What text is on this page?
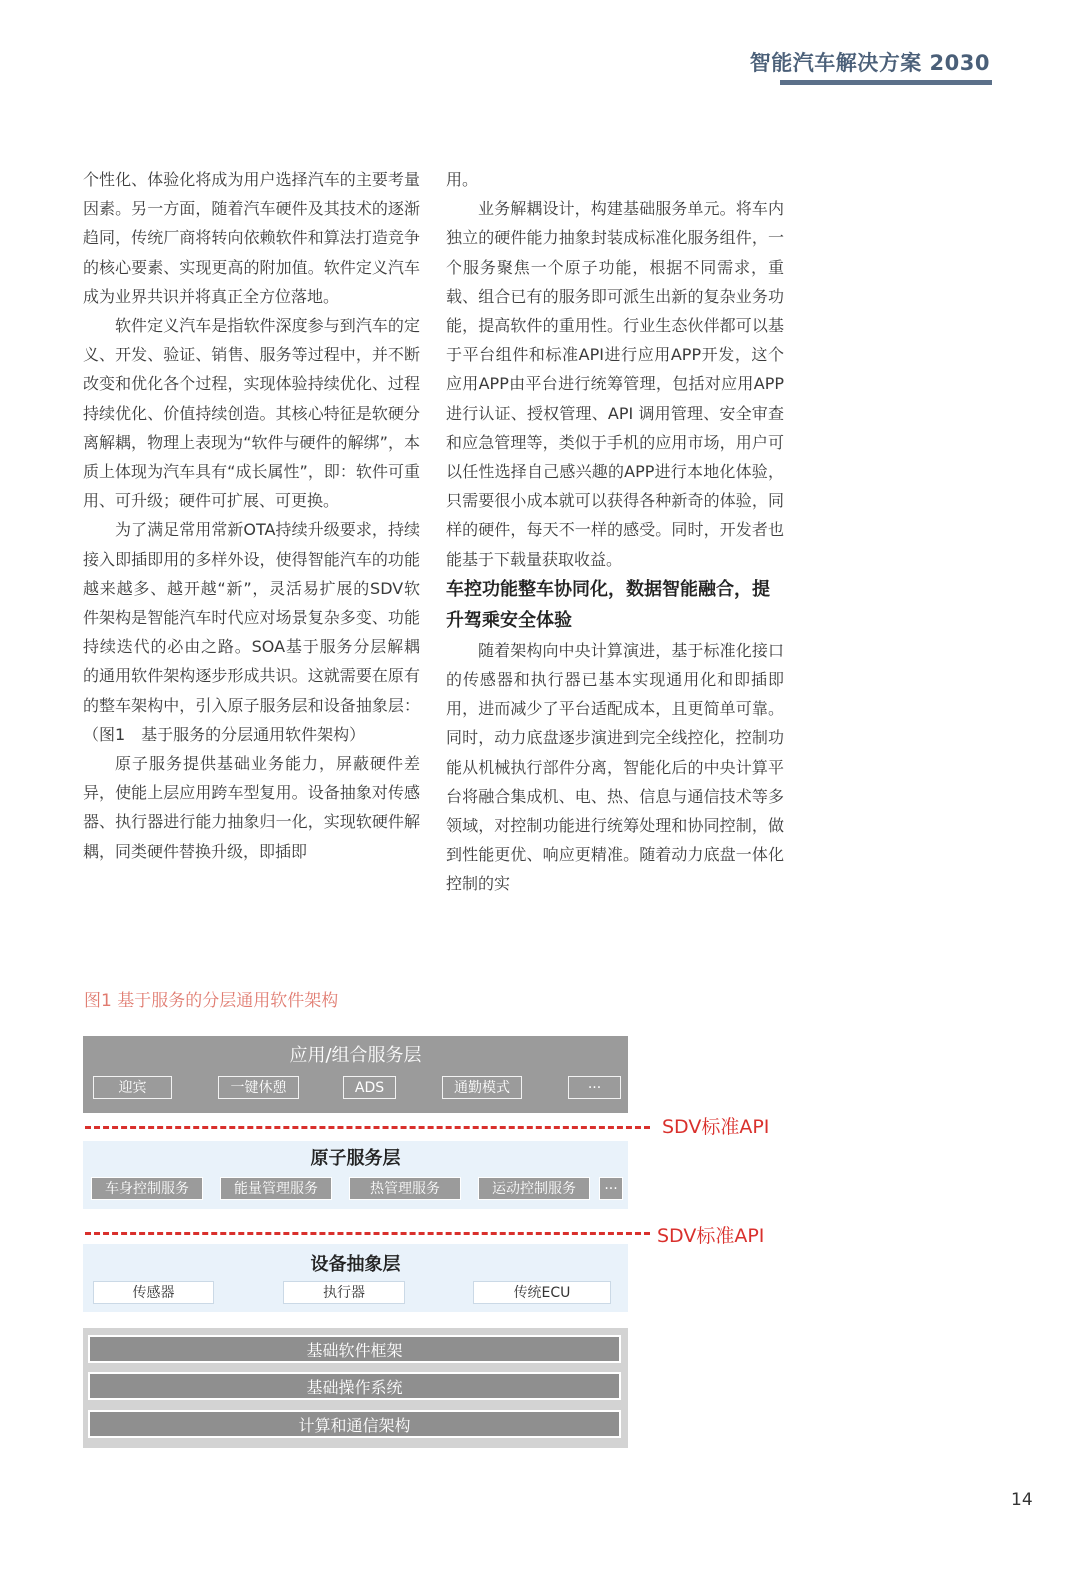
智能汽车解决方案 2030

个性化、体验化将成为用户选择汽车的主要考量因素。另一方面，随着汽车硬件及其技术的逐渐趋同，传统厂商将转向依赖软件和算法打造竞争的核心要素、实现更高的附加值。软件定义汽车成为业界共识并将真正全方位落地。

软件定义汽车是指软件深度参与到汽车的定义、开发、验证、销售、服务等过程中，并不断改变和优化各个过程，实现体验持续优化、过程持续优化、价值持续创造。其核心特征是软硬分离解耦，物理上表现为“软件与硬件的解绑”，本质上体现为汽车具有“成长属性”，即：软件可重用、可升级；硬件可扩展、可更换。

为了满足常用常新OTA持续升级要求，持续接入即插即用的多样外设，使得智能汽车的功能越来越多、越开越“新”，灵活易扩展的SDV软件架构是智能汽车时代应对场景复杂多变、功能持续迭代的必由之路。SOA基于服务分层解耦的通用软件架构逐步形成共识。这就需要在原有的整车架构中，引入原子服务层和设备抽象层：（图1　基于服务的分层通用软件架构）

原子服务提供基础业务能力，屏蔽硬件差异，使能上层应用跨车型复用。设备抽象对传感器、执行器进行能力抽象归一化，实现软硬件解耦，同类硬件替换升级，即插即

用。

业务解耦设计，构建基础服务单元。将车内独立的硬件能力抽象封装成标准化服务组件，一个服务聚焦一个原子功能，根据不同需求，重载、组合已有的服务即可派生出新的复杂业务功能，提高软件的重用性。行业生态伙伴都可以基于平台组件和标准API进行应用APP开发，这个应用APP由平台进行统筹管理，包括对应用APP进行认证、授权管理、API 调用管理、安全审查和应急管理等，类似于手机的应用市场，用户可以任性选择自己感兴趣的APP进行本地化体验，只需要很小成本就可以获得各种新奇的体验，同样的硬件，每天不一样的感受。同时，开发者也能基于下载量获取收益。

车控功能整车协同化，数据智能融合，提升驾乘安全体验

随着架构向中央计算演进，基于标准化接口的传感器和执行器已基本实现通用化和即插即用，进而减少了平台适配成本，且更简单可靠。同时，动力底盘逐步演进到完全线控化，控制功能从机械执行部件分离，智能化后的中央计算平台将融合集成机、电、热、信息与通信技术等多领域，对控制功能进行统筹处理和协同控制，做到性能更优、响应更精准。随着动力底盘一体化控制的实

图1 基于服务的分层通用软件架构
应用/组合服务层
迎宾	一键休憩	ADS	通勤模式	···
SDV标准API
原子服务层
车身控制服务	能量管理服务	热管理服务	运动控制服务	···
SDV标准API
设备抽象层
传感器	执行器	传统ECU
基础软件框架
基础操作系统
计算和通信架构
14
